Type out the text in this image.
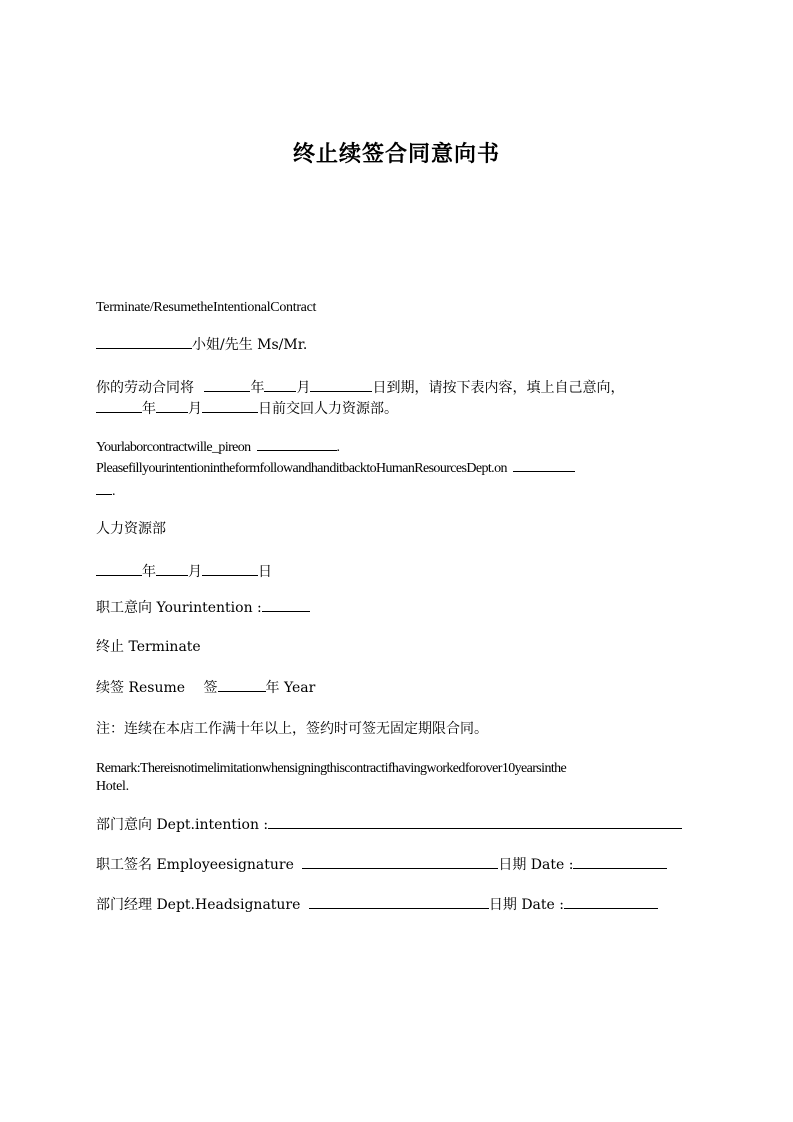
终止续签合同意向书
Terminate/ResumetheIntentionalContract
小姐/先生 Ms/Mr.
你的劳动合同将	年 月	日到期，请按下表内容，填上自己意向，
年 月	日前交回人力资源部。
Yourlaborcontractwille_pireon	.
PleasefillyourintentionintheformfollowandhanditbacktoHumanResourcesDept.on
.
人力资源部
年 月	日
职工意向 Yourintention :
终止 Terminate
续签 Resume 签	年 Year
注：连续在本店工作满十年以上，签约时可签无固定期限合同。
Remark:Thereisnotimelimitationwhensigningthiscontractifhavingworkedforover10yearsinthe
Hotel.
部门意向 Dept.intention :
职工签名 Employeesignature	日期 Date :
部门经理 Dept.Headsignature	日期 Date :
